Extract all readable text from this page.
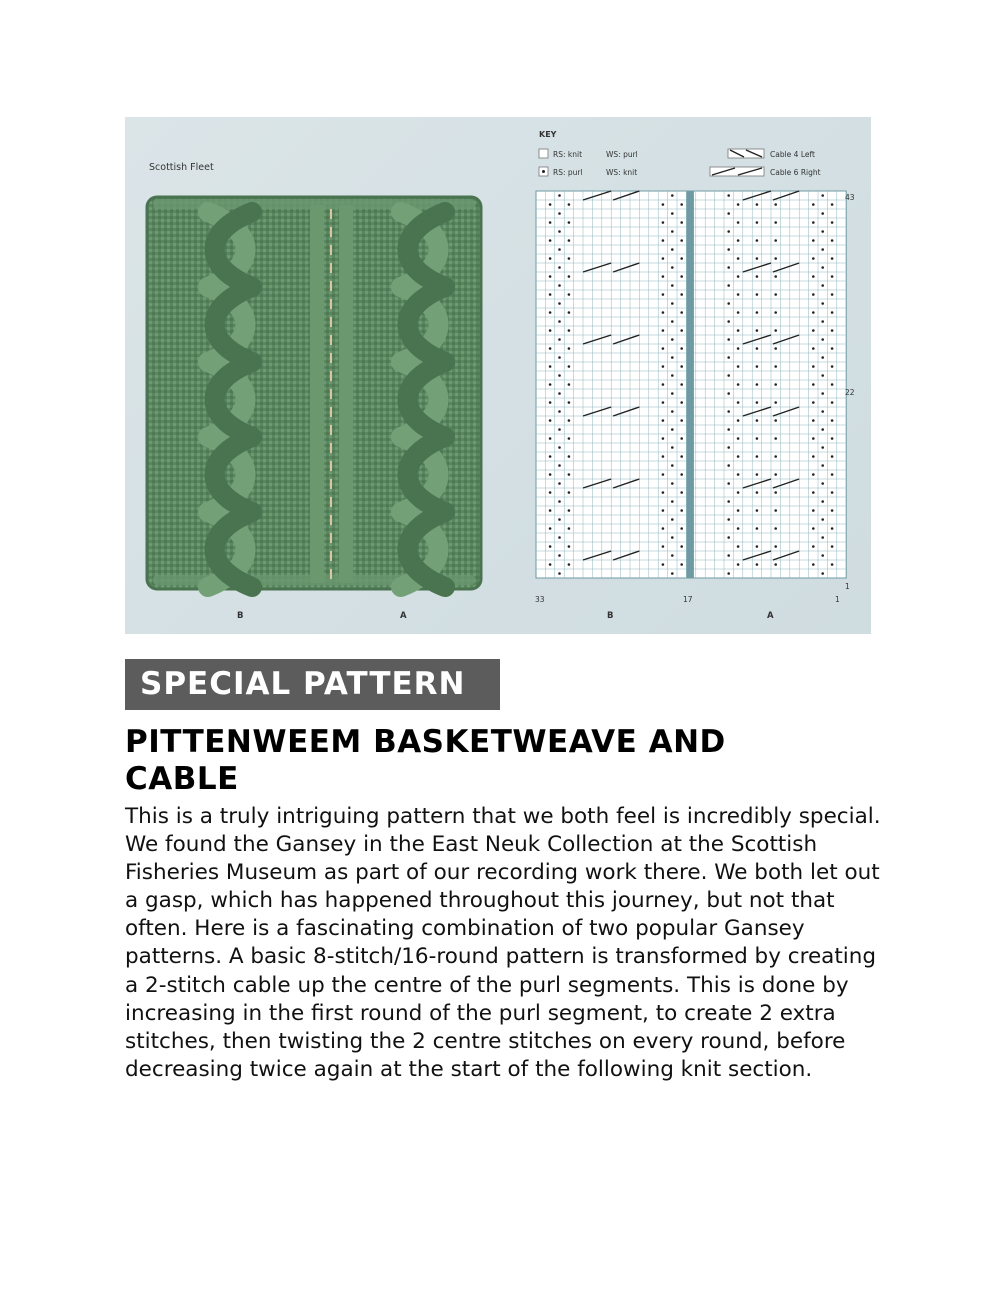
Scottish Fleet
B	A
KEY
RS: knit	WS: purl
RS: purl	WS: knit
Cable 4 Left
Cable 6 Right
43
22
1
33	17	1
B	A
SPECIAL PATTERN
PITTENWEEM BASKETWEAVE AND CABLE

This is a truly intriguing pattern that we both feel is incredibly special. We found the Gansey in the East Neuk Collection at the Scottish Fisheries Museum as part of our recording work there. We both let out a gasp, which has happened throughout this journey, but not that often. Here is a fascinating combination of two popular Gansey patterns. A basic 8-stitch/16-round pattern is transformed by creating a 2-stitch cable up the centre of the purl segments. This is done by increasing in the first round of the purl segment, to create 2 extra stitches, then twisting the 2 centre stitches on every round, before decreasing twice again at the start of the following knit section.
